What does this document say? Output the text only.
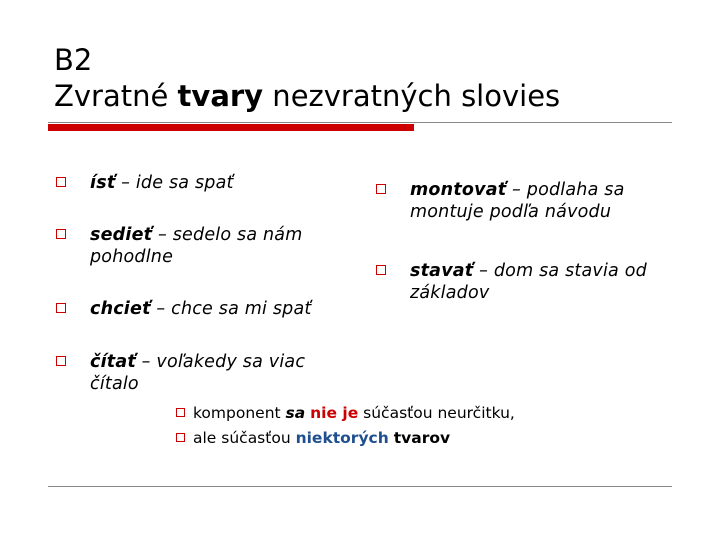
B2
Zvratné tvary nezvratných slovies
ísť – ide sa spať
sedieť – sedelo sa nám pohodlne
chcieť – chce sa mi spať
čítať – voľakedy sa viac čítalo
montovať – podlaha sa montuje podľa návodu
stavať – dom sa stavia od základov
komponent sa nie je súčasťou neurčitku,
ale súčasťou niektorých tvarov
